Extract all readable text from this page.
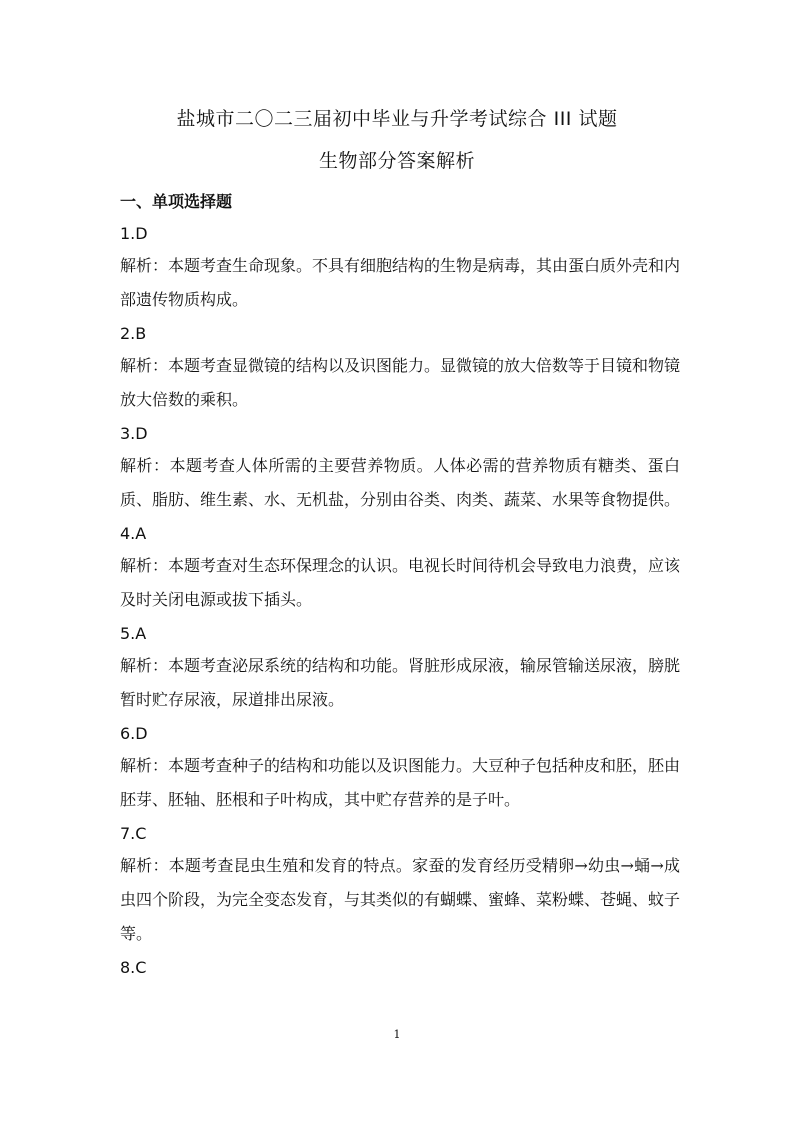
盐城市二〇二三届初中毕业与升学考试综合 III 试题
生物部分答案解析
一、单项选择题
1.D
解析：本题考查生命现象。不具有细胞结构的生物是病毒，其由蛋白质外壳和内部遗传物质构成。
2.B
解析：本题考查显微镜的结构以及识图能力。显微镜的放大倍数等于目镜和物镜放大倍数的乘积。
3.D
解析：本题考查人体所需的主要营养物质。人体必需的营养物质有糖类、蛋白质、脂肪、维生素、水、无机盐，分别由谷类、肉类、蔬菜、水果等食物提供。
4.A
解析：本题考查对生态环保理念的认识。电视长时间待机会导致电力浪费，应该及时关闭电源或拔下插头。
5.A
解析：本题考查泌尿系统的结构和功能。肾脏形成尿液，输尿管输送尿液，膀胱暂时贮存尿液，尿道排出尿液。
6.D
解析：本题考查种子的结构和功能以及识图能力。大豆种子包括种皮和胚，胚由胚芽、胚轴、胚根和子叶构成，其中贮存营养的是子叶。
7.C
解析：本题考查昆虫生殖和发育的特点。家蚕的发育经历受精卵→幼虫→蛹→成虫四个阶段，为完全变态发育，与其类似的有蝴蝶、蜜蜂、菜粉蝶、苍蝇、蚊子等。
8.C
1
